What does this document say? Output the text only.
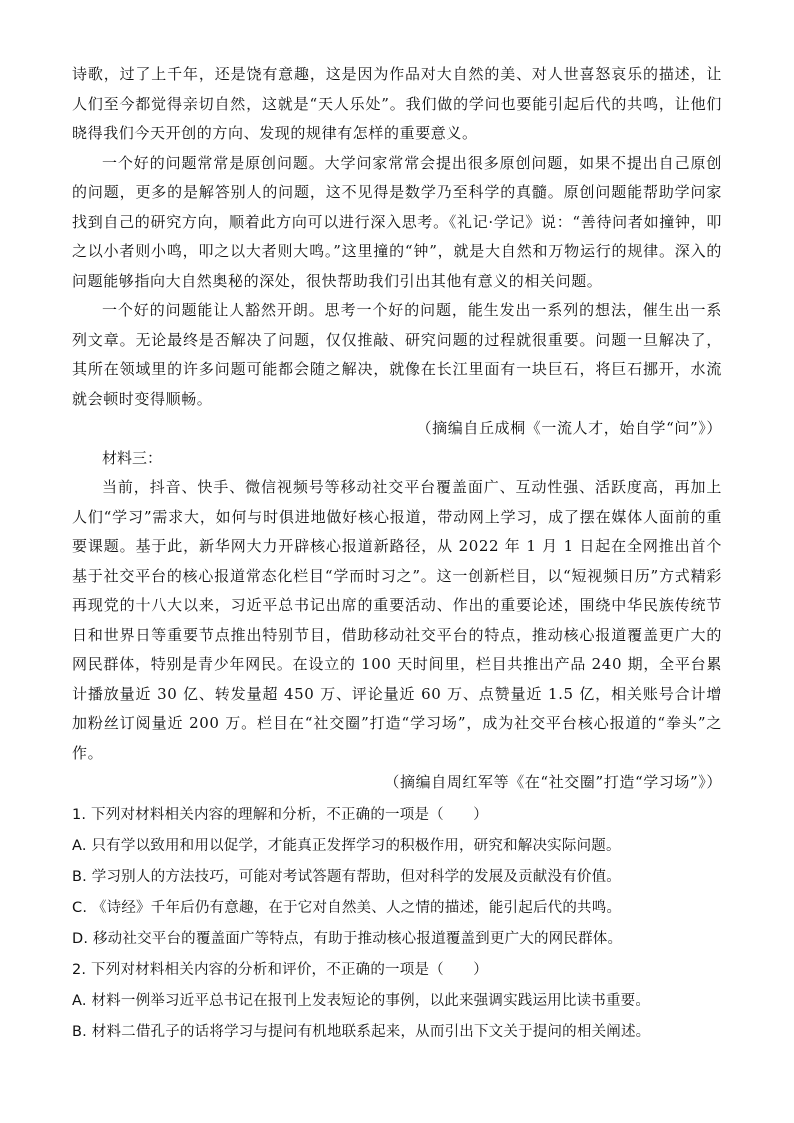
诗歌，过了上千年，还是饶有意趣，这是因为作品对大自然的美、对人世喜怒哀乐的描述，让人们至今都觉得亲切自然，这就是“天人乐处”。我们做的学问也要能引起后代的共鸣，让他们晓得我们今天开创的方向、发现的规律有怎样的重要意义。

一个好的问题常常是原创问题。大学问家常常会提出很多原创问题，如果不提出自己原创的问题，更多的是解答别人的问题，这不见得是数学乃至科学的真髓。原创问题能帮助学问家找到自己的研究方向，顺着此方向可以进行深入思考。《礼记·学记》说：“善待问者如撞钟，叩之以小者则小鸣，叩之以大者则大鸣。”这里撞的“钟”，就是大自然和万物运行的规律。深入的问题能够指向大自然奥秘的深处，很快帮助我们引出其他有意义的相关问题。

一个好的问题能让人豁然开朗。思考一个好的问题，能生发出一系列的想法，催生出一系列文章。无论最终是否解决了问题，仅仅推敲、研究问题的过程就很重要。问题一旦解决了，其所在领域里的许多问题可能都会随之解决，就像在长江里面有一块巨石，将巨石挪开，水流就会顿时变得顺畅。

（摘编自丘成桐《一流人才，始自学“问”》）

材料三：

当前，抖音、快手、微信视频号等移动社交平台覆盖面广、互动性强、活跃度高，再加上人们“学习”需求大，如何与时俱进地做好核心报道，带动网上学习，成了摆在媒体人面前的重要课题。基于此，新华网大力开辟核心报道新路径，从 2022 年 1 月 1 日起在全网推出首个基于社交平台的核心报道常态化栏目“学而时习之”。这一创新栏目，以“短视频日历”方式精彩再现党的十八大以来，习近平总书记出席的重要活动、作出的重要论述，围绕中华民族传统节日和世界日等重要节点推出特别节目，借助移动社交平台的特点，推动核心报道覆盖更广大的网民群体，特别是青少年网民。在设立的 100 天时间里，栏目共推出产品 240 期，全平台累计播放量近 30 亿、转发量超 450 万、评论量近 60 万、点赞量近 1.5 亿，相关账号合计增加粉丝订阅量近 200 万。栏目在“社交圈”打造“学习场”，成为社交平台核心报道的“拳头”之作。

（摘编自周红军等《在“社交圈”打造“学习场”》）

1. 下列对材料相关内容的理解和分析，不正确的一项是（　　）

A. 只有学以致用和用以促学，才能真正发挥学习的积极作用，研究和解决实际问题。

B. 学习别人的方法技巧，可能对考试答题有帮助，但对科学的发展及贡献没有价值。

C. 《诗经》千年后仍有意趣，在于它对自然美、人之情的描述，能引起后代的共鸣。

D. 移动社交平台的覆盖面广等特点，有助于推动核心报道覆盖到更广大的网民群体。

2. 下列对材料相关内容的分析和评价，不正确的一项是（　　）

A. 材料一例举习近平总书记在报刊上发表短论的事例，以此来强调实践运用比读书重要。

B. 材料二借孔子的话将学习与提问有机地联系起来，从而引出下文关于提问的相关阐述。
